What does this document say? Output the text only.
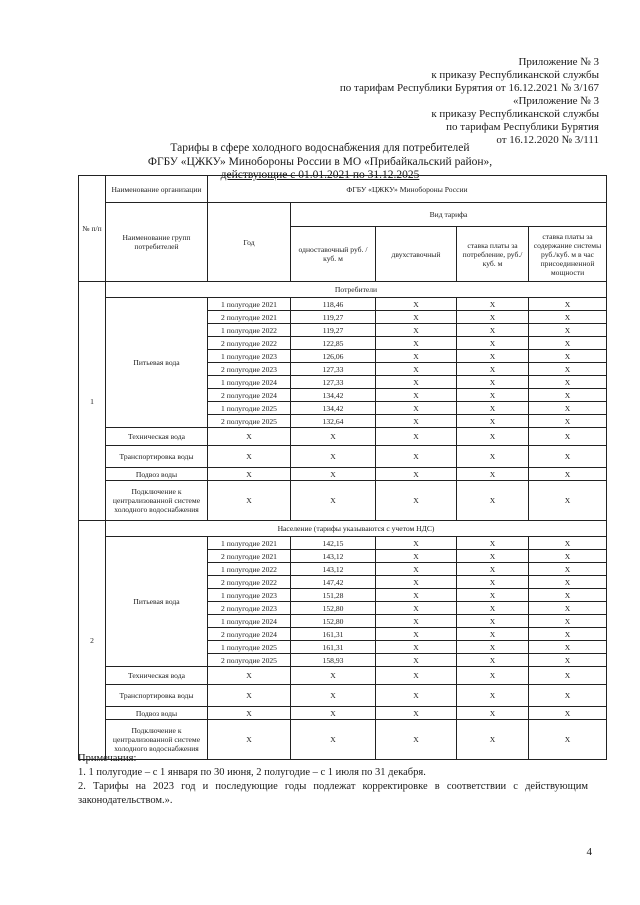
Приложение № 3
к приказу Республиканской службы
по тарифам Республики Бурятия от 16.12.2021 № 3/167
«Приложение № 3
к приказу Республиканской службы
по тарифам Республики Бурятия
от 16.12.2020 № 3/111
Тарифы в сфере холодного водоснабжения для потребителей
ФГБУ «ЦЖКУ» Минобороны России в МО «Прибайкальский район»,
действующие с 01.01.2021 по 31.12.2025
№ п/п	Наименование организации	ФГБУ «ЦЖКУ» Минобороны России				
	Наименование групп потребителей	Год	Вид тарифа			
			одноставочный руб. / куб. м	двухставочный	ставка платы за потребление, руб./ куб. м	ставка платы за содержание системы руб./куб. м в час присоединенной мощности
1	Потребители					
	Питьевая вода	1 полугодие 2021	118,46	X	X	X
		2 полугодие 2021	119,27	X	X	X
		1 полугодие 2022	119,27	X	X	X
		2 полугодие 2022	122,85	X	X	X
		1 полугодие 2023	126,06	X	X	X
		2 полугодие 2023	127,33	X	X	X
		1 полугодие 2024	127,33	X	X	X
		2 полугодие 2024	134,42	X	X	X
		1 полугодие 2025	134,42	X	X	X
		2 полугодие 2025	132,64	X	X	X
	Техническая вода	X	X	X	X	X
	Транспортировка воды	X	X	X	X	X
	Подвоз воды	X	X	X	X	X
	Подключение к централизованной системе холодного водоснабжения	X	X	X	X	X
2	Население (тарифы указываются с учетом НДС)					
	Питьевая вода	1 полугодие 2021	142,15	X	X	X
		2 полугодие 2021	143,12	X	X	X
		1 полугодие 2022	143,12	X	X	X
		2 полугодие 2022	147,42	X	X	X
		1 полугодие 2023	151,28	X	X	X
		2 полугодие 2023	152,80	X	X	X
		1 полугодие 2024	152,80	X	X	X
		2 полугодие 2024	161,31	X	X	X
		1 полугодие 2025	161,31	X	X	X
		2 полугодие 2025	158,93	X	X	X
	Техническая вода	X	X	X	X	X
	Транспортировка воды	X	X	X	X	X
	Подвоз воды	X	X	X	X	X
	Подключение к централизованной системе холодного водоснабжения	X	X	X	X	X

Примечания:

1. 1 полугодие – с 1 января по 30 июня, 2 полугодие – с 1 июля по 31 декабря.

2. Тарифы на 2023 год и последующие годы подлежат корректировке в соответствии с действующим законодательством.».

4
